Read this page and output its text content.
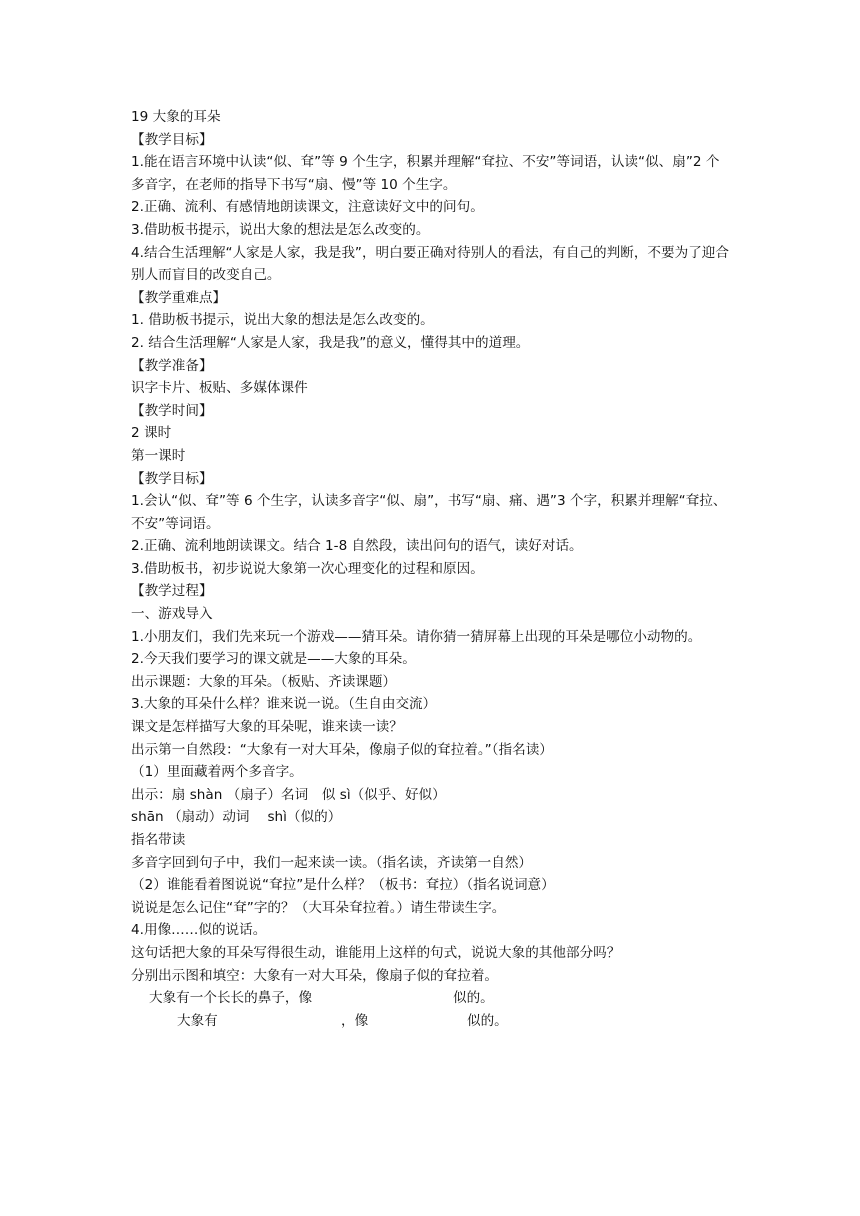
19 大象的耳朵
【教学目标】
1.能在语言环境中认读“似、耷”等 9 个生字，积累并理解“耷拉、不安”等词语，认读“似、扇”2 个多音字，在老师的指导下书写“扇、慢”等 10 个生字。
2.正确、流利、有感情地朗读课文，注意读好文中的问句。
3.借助板书提示，说出大象的想法是怎么改变的。
4.结合生活理解“人家是人家，我是我”，明白要正确对待别人的看法，有自己的判断，不要为了迎合别人而盲目的改变自己。
【教学重难点】
1. 借助板书提示，说出大象的想法是怎么改变的。
2. 结合生活理解“人家是人家，我是我”的意义，懂得其中的道理。
【教学准备】
识字卡片、板贴、多媒体课件
【教学时间】
2 课时
第一课时
【教学目标】
1.会认“似、耷”等 6 个生字，认读多音字“似、扇”，书写“扇、痛、遇”3 个字，积累并理解“耷拉、不安”等词语。
2.正确、流利地朗读课文。结合 1-8 自然段，读出问句的语气，读好对话。
3.借助板书，初步说说大象第一次心理变化的过程和原因。
【教学过程】
一、游戏导入
1.小朋友们，我们先来玩一个游戏——猜耳朵。请你猜一猜屏幕上出现的耳朵是哪位小动物的。
2.今天我们要学习的课文就是——大象的耳朵。
出示课题：大象的耳朵。（板贴、齐读课题）
3.大象的耳朵什么样？谁来说一说。（生自由交流）
课文是怎样描写大象的耳朵呢，谁来读一读？
出示第一自然段：“大象有一对大耳朵，像扇子似的耷拉着。”（指名读）
（1）里面藏着两个多音字。
出示：扇 shàn （扇子）名词　似 sì（似乎、好似）
shān （扇动）动词　 shì（似的）
指名带读
多音字回到句子中，我们一起来读一读。（指名读，齐读第一自然）
（2）谁能看着图说说“耷拉”是什么样？（板书：耷拉）（指名说词意）
说说是怎么记住“耷”字的？（大耳朵耷拉着。）请生带读生字。
4.用像……似的说话。
这句话把大象的耳朵写得很生动，谁能用上这样的句式，说说大象的其他部分吗？
分别出示图和填空：大象有一对大耳朵，像扇子似的耷拉着。
大象有一个长长的鼻子，像	似的。
大象有	，像	似的。
